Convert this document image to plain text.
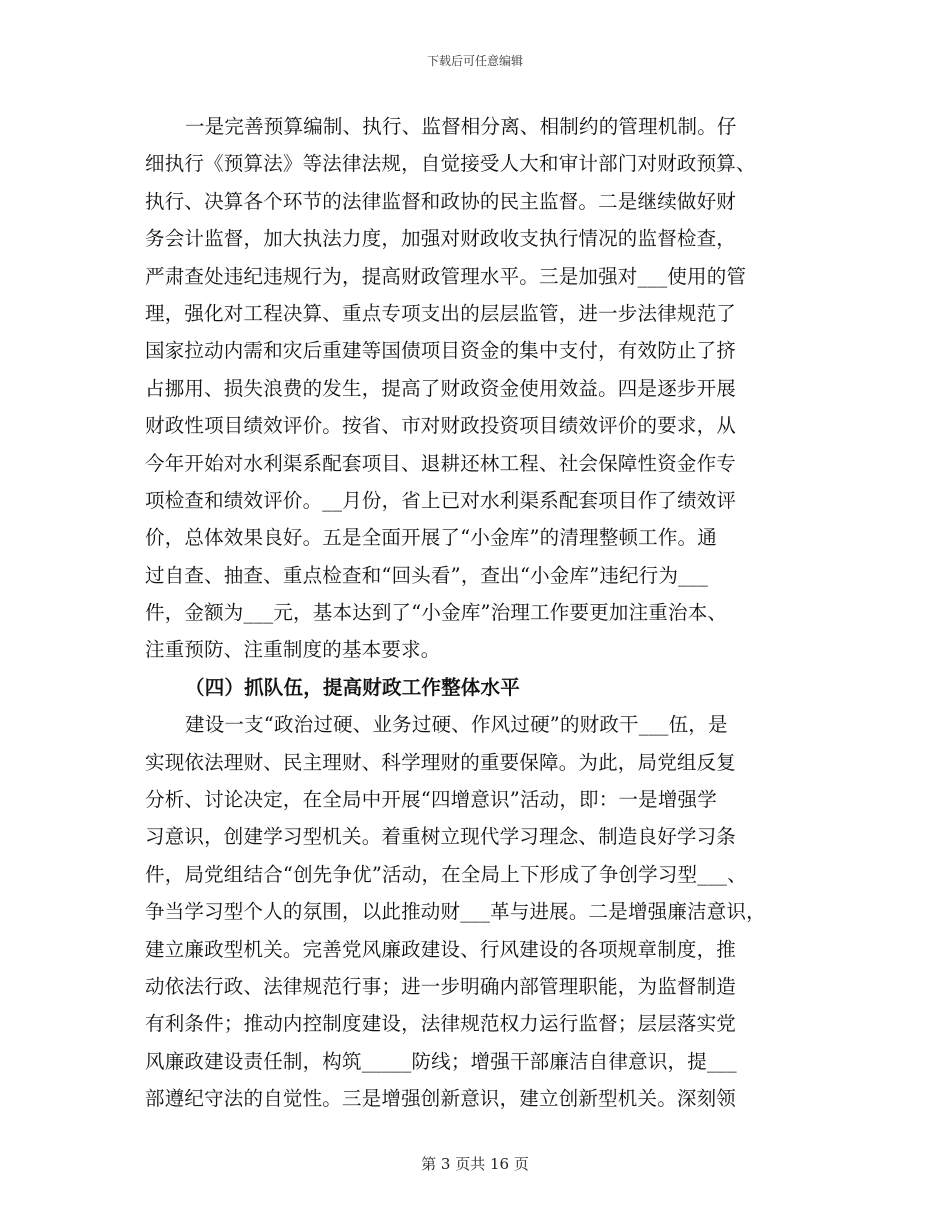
下载后可任意编辑
一是完善预算编制、执行、监督相分离、相制约的管理机制。仔
细执行《预算法》等法律法规，自觉接受人大和审计部门对财政预算、
执行、决算各个环节的法律监督和政协的民主监督。二是继续做好财
务会计监督，加大执法力度，加强对财政收支执行情况的监督检查，
严肃查处违纪违规行为，提高财政管理水平。三是加强对___使用的管
理，强化对工程决算、重点专项支出的层层监管，进一步法律规范了
国家拉动内需和灾后重建等国债项目资金的集中支付，有效防止了挤
占挪用、损失浪费的发生，提高了财政资金使用效益。四是逐步开展
财政性项目绩效评价。按省、市对财政投资项目绩效评价的要求，从
今年开始对水利渠系配套项目、退耕还林工程、社会保障性资金作专
项检查和绩效评价。__月份，省上已对水利渠系配套项目作了绩效评
价，总体效果良好。五是全面开展了“小金库”的清理整顿工作。通
过自查、抽查、重点检查和“回头看”，查出“小金库”违纪行为___
件，金额为___元，基本达到了“小金库”治理工作要更加注重治本、
注重预防、注重制度的基本要求。
（四）抓队伍，提高财政工作整体水平
建设一支“政治过硬、业务过硬、作风过硬”的财政干___伍，是
实现依法理财、民主理财、科学理财的重要保障。为此，局党组反复
分析、讨论决定，在全局中开展“四增意识”活动，即：一是增强学
习意识，创建学习型机关。着重树立现代学习理念、制造良好学习条
件，局党组结合“创先争优”活动，在全局上下形成了争创学习型___、
争当学习型个人的氛围，以此推动财___革与进展。二是增强廉洁意识，
建立廉政型机关。完善党风廉政建设、行风建设的各项规章制度，推
动依法行政、法律规范行事；进一步明确内部管理职能，为监督制造
有利条件；推动内控制度建设，法律规范权力运行监督；层层落实党
风廉政建设责任制，构筑_____防线；增强干部廉洁自律意识，提___
部遵纪守法的自觉性。三是增强创新意识，建立创新型机关。深刻领
第 3 页共 16 页
